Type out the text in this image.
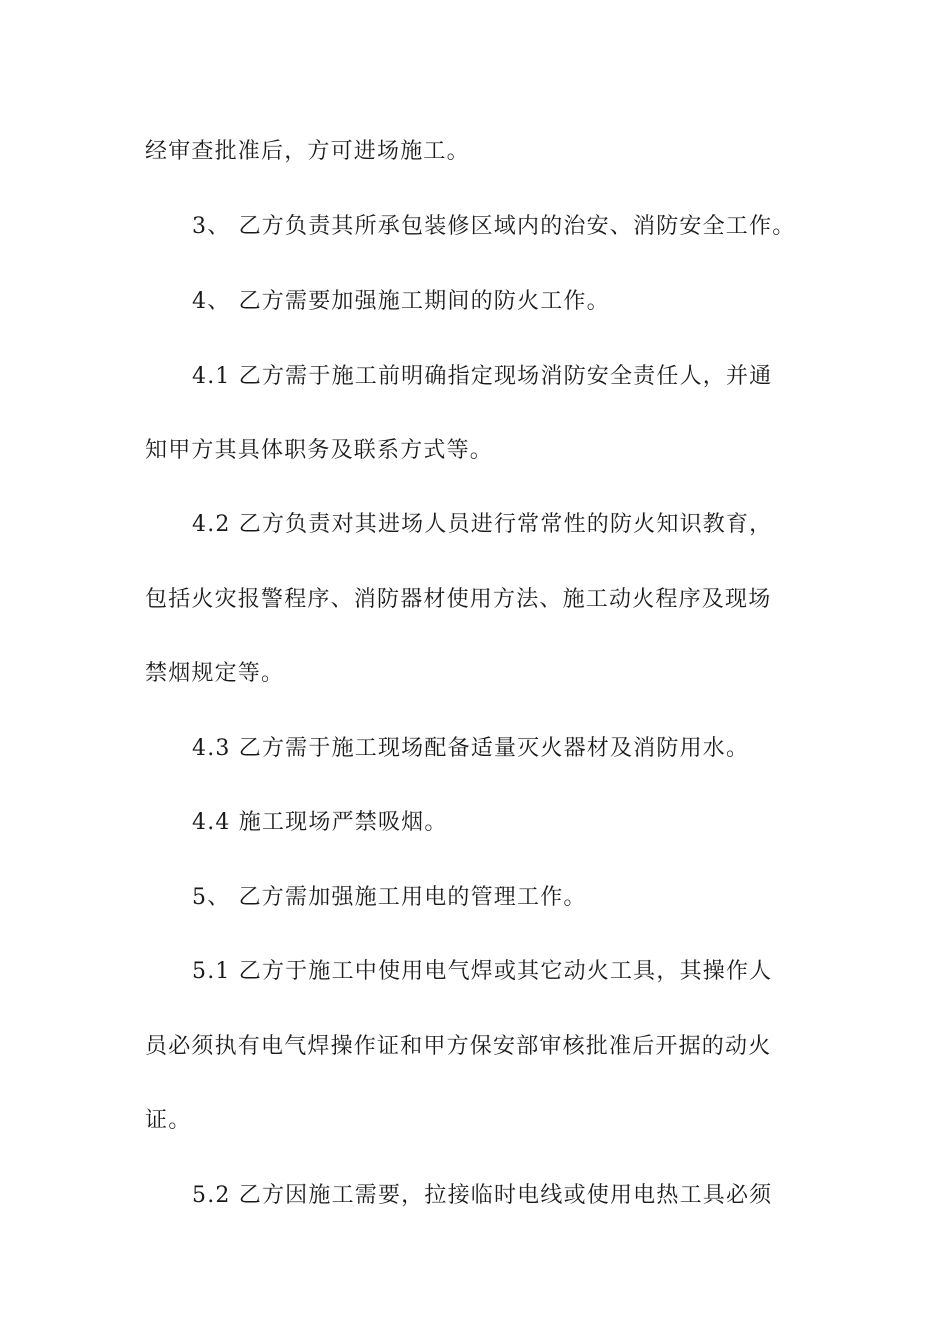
经审查批准后，方可进场施工。
3、 乙方负责其所承包装修区域内的治安、消防安全工作。
4、 乙方需要加强施工期间的防火工作。
4.1 乙方需于施工前明确指定现场消防安全责任人，并通
知甲方其具体职务及联系方式等。
4.2 乙方负责对其进场人员进行常常性的防火知识教育，
包括火灾报警程序、消防器材使用方法、施工动火程序及现场
禁烟规定等。
4.3 乙方需于施工现场配备适量灭火器材及消防用水。
4.4 施工现场严禁吸烟。
5、 乙方需加强施工用电的管理工作。
5.1 乙方于施工中使用电气焊或其它动火工具，其操作人
员必须执有电气焊操作证和甲方保安部审核批准后开据的动火
证。
5.2 乙方因施工需要，拉接临时电线或使用电热工具必须
